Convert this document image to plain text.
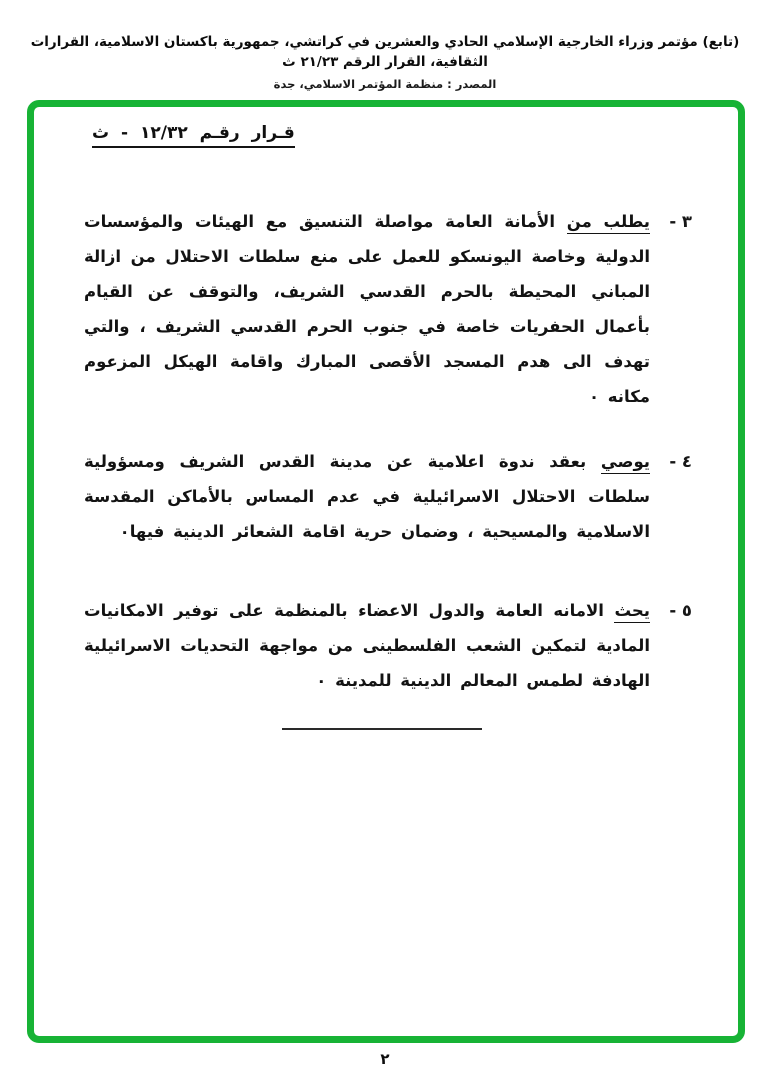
(تابع) مؤتمر وزراء الخارجية الإسلامي الحادي والعشرين في كراتشي، جمهورية باكستان الاسلامية، القرارات الثقافية، القرار الرقم ٢١/٢٣ ث
المصدر : منظمة المؤتمر الاسلامي، جدة
قـرار رقـم ١٢/٣٢ - ث
٣ -
يطلب من الأمانة العامة مواصلة التنسيق مع الهيئات والمؤسسات الدولية وخاصة اليونسكو للعمل على منع سلطات الاحتلال من ازالة المباني المحيطة بالحرم القدسي الشريف، والتوقف عن القيام بأعمال الحفريات خاصة في جنوب الحرم القدسي الشريف ، والتي تهدف الى هدم المسجد الأقصى المبارك واقامة الهيكل المزعوم مكانه ٠
٤ -
يوصي بعقد ندوة اعلامية عن مدينة القدس الشريف ومسؤولية سلطات الاحتلال الاسرائيلية في عدم المساس بالأماكن المقدسة الاسلامية والمسيحية ، وضمان حرية اقامة الشعائر الدينية فيها٠
٥ -
يحث الامانه العامة والدول الاعضاء بالمنظمة على توفير الامكانيات المادية لتمكين الشعب الفلسطينى من مواجهة التحديات الاسرائيلية الهادفة لطمس المعالم الدينية للمدينة ٠
٢
